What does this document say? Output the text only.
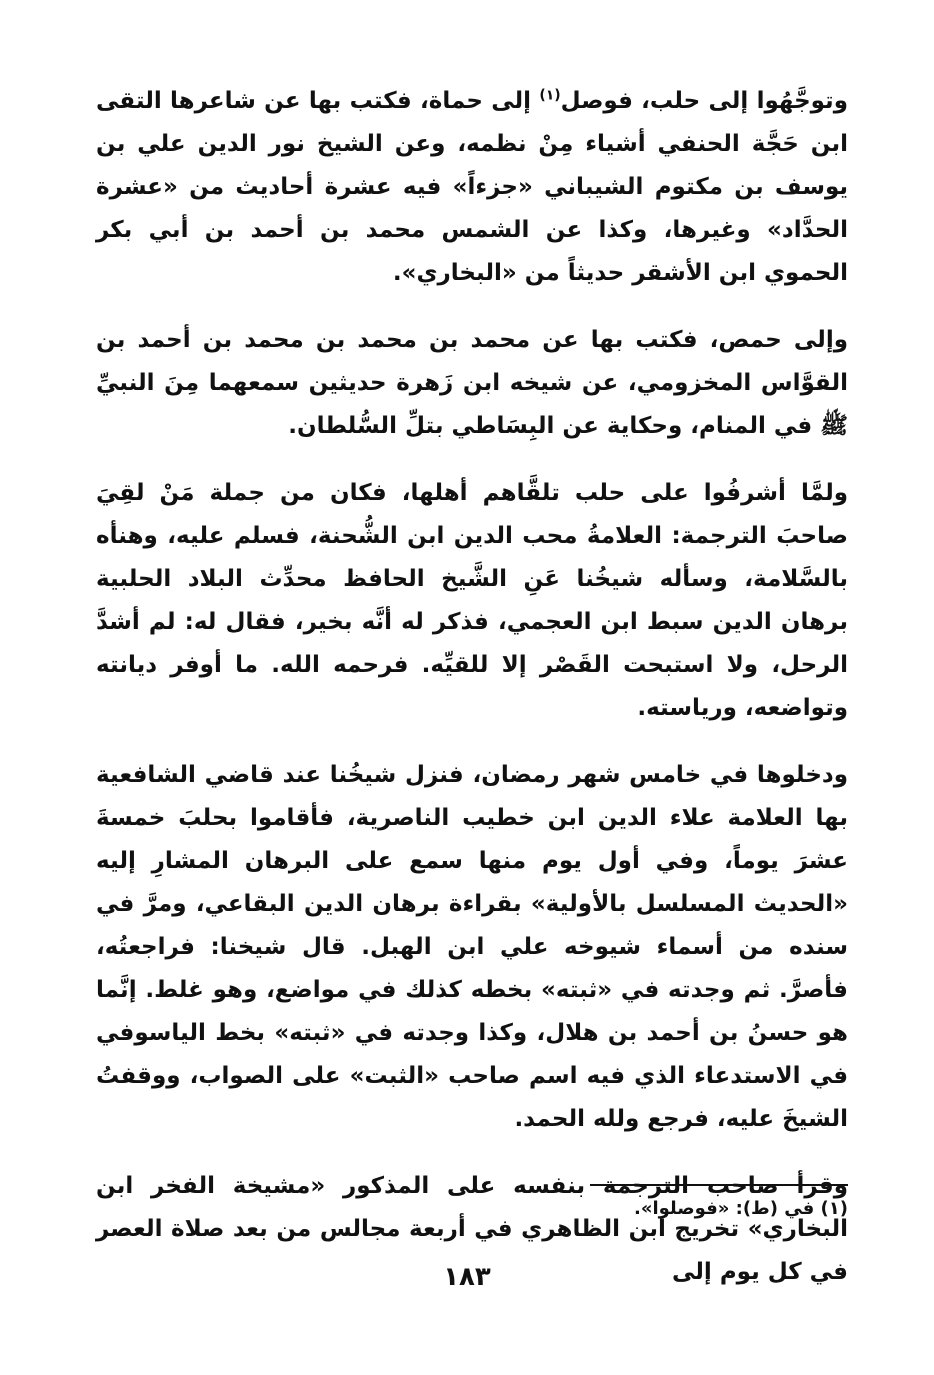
وتوجَّهُوا إلى حلب، فوصل$^{(١)}$ إلى حماة، فكتب بها عن شاعرها التقى ابن حَجَّة الحنفي أشياء مِنْ نظمه، وعن الشيخ نور الدين علي بن يوسف بن مكتوم الشيباني «جزءاً» فيه عشرة أحاديث من «عشرة الحدَّاد» وغيرها، وكذا عن الشمس محمد بن أحمد بن أبي بكر الحموي ابن الأشقر حديثاً من «البخاري».

وإلى حمص، فكتب بها عن محمد بن محمد بن محمد بن أحمد بن القوَّاس المخزومي، عن شيخه ابن زَهرة حديثين سمعهما مِنَ النبيِّ ﷺ في المنام، وحكاية عن البِسَاطي بتلِّ السُّلطان.

ولمَّا أشرفُوا على حلب تلقَّاهم أهلها، فكان من جملة مَنْ لقِيَ صاحبَ الترجمة: العلامةُ محب الدين ابن الشُّحنة، فسلم عليه، وهنأه بالسَّلامة، وسأله شيخُنا عَنِ الشَّيخ الحافظ محدِّث البلاد الحلبية برهان الدين سبط ابن العجمي، فذكر له أنَّه بخير، فقال له: لم أشدَّ الرحل، ولا استبحت القَصْر إلا للقيِّه. فرحمه الله. ما أوفر ديانته وتواضعه، ورياسته.

ودخلوها في خامس شهر رمضان، فنزل شيخُنا عند قاضي الشافعية بها العلامة علاء الدين ابن خطيب الناصرية، فأقاموا بحلبَ خمسةَ عشرَ يوماً، وفي أول يوم منها سمع على البرهان المشارِ إليه «الحديث المسلسل بالأولية» بقراءة برهان الدين البقاعي، ومرَّ في سنده من أسماء شيوخه علي ابن الهبل. قال شيخنا: فراجعتُه، فأصرَّ. ثم وجدته في «ثبته» بخطه كذلك في مواضع، وهو غلط. إنَّما هو حسنُ بن أحمد بن هلال، وكذا وجدته في «ثبته» بخط الياسوفي في الاستدعاء الذي فيه اسم صاحب «الثبت» على الصواب، ووقفتُ الشيخَ عليه، فرجع ولله الحمد.

وقرأ صاحب الترجمة بنفسه على المذكور «مشيخة الفخر ابن البخاري» تخريج ابن الظاهري في أربعة مجالس من بعد صلاة العصر في كل يوم إلى

(١) في (ط): «فوصلوا».
١٨٣
